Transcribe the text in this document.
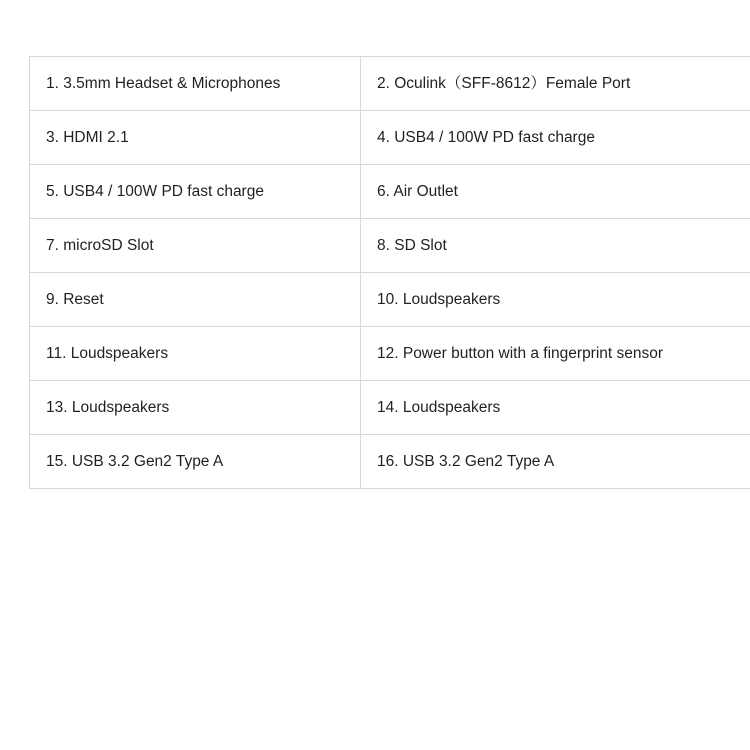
1. 3.5mm Headset & Microphones	2. Oculink（SFF-8612）Female Port
3. HDMI 2.1	4. USB4 / 100W PD fast charge
5. USB4 / 100W PD fast charge	6. Air Outlet
7. microSD Slot	8. SD Slot
9. Reset	10. Loudspeakers
11. Loudspeakers	12. Power button with a fingerprint sensor
13. Loudspeakers	14. Loudspeakers
15. USB 3.2 Gen2 Type A	16. USB 3.2 Gen2 Type A
